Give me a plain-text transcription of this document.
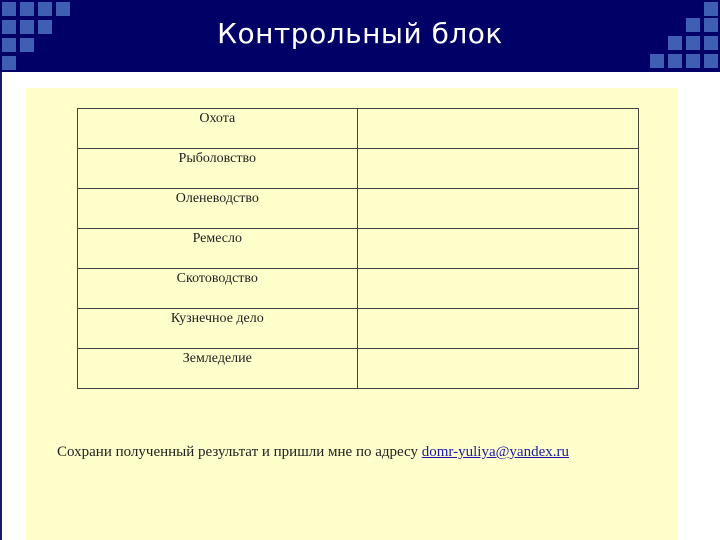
Контрольный блок
Охота	
Рыболовство	
Оленеводство	
Ремесло	
Скотоводство	
Кузнечное дело	
Земледелие	
Сохрани полученный результат и пришли мне по адресу domr-yuliya@yandex.ru
